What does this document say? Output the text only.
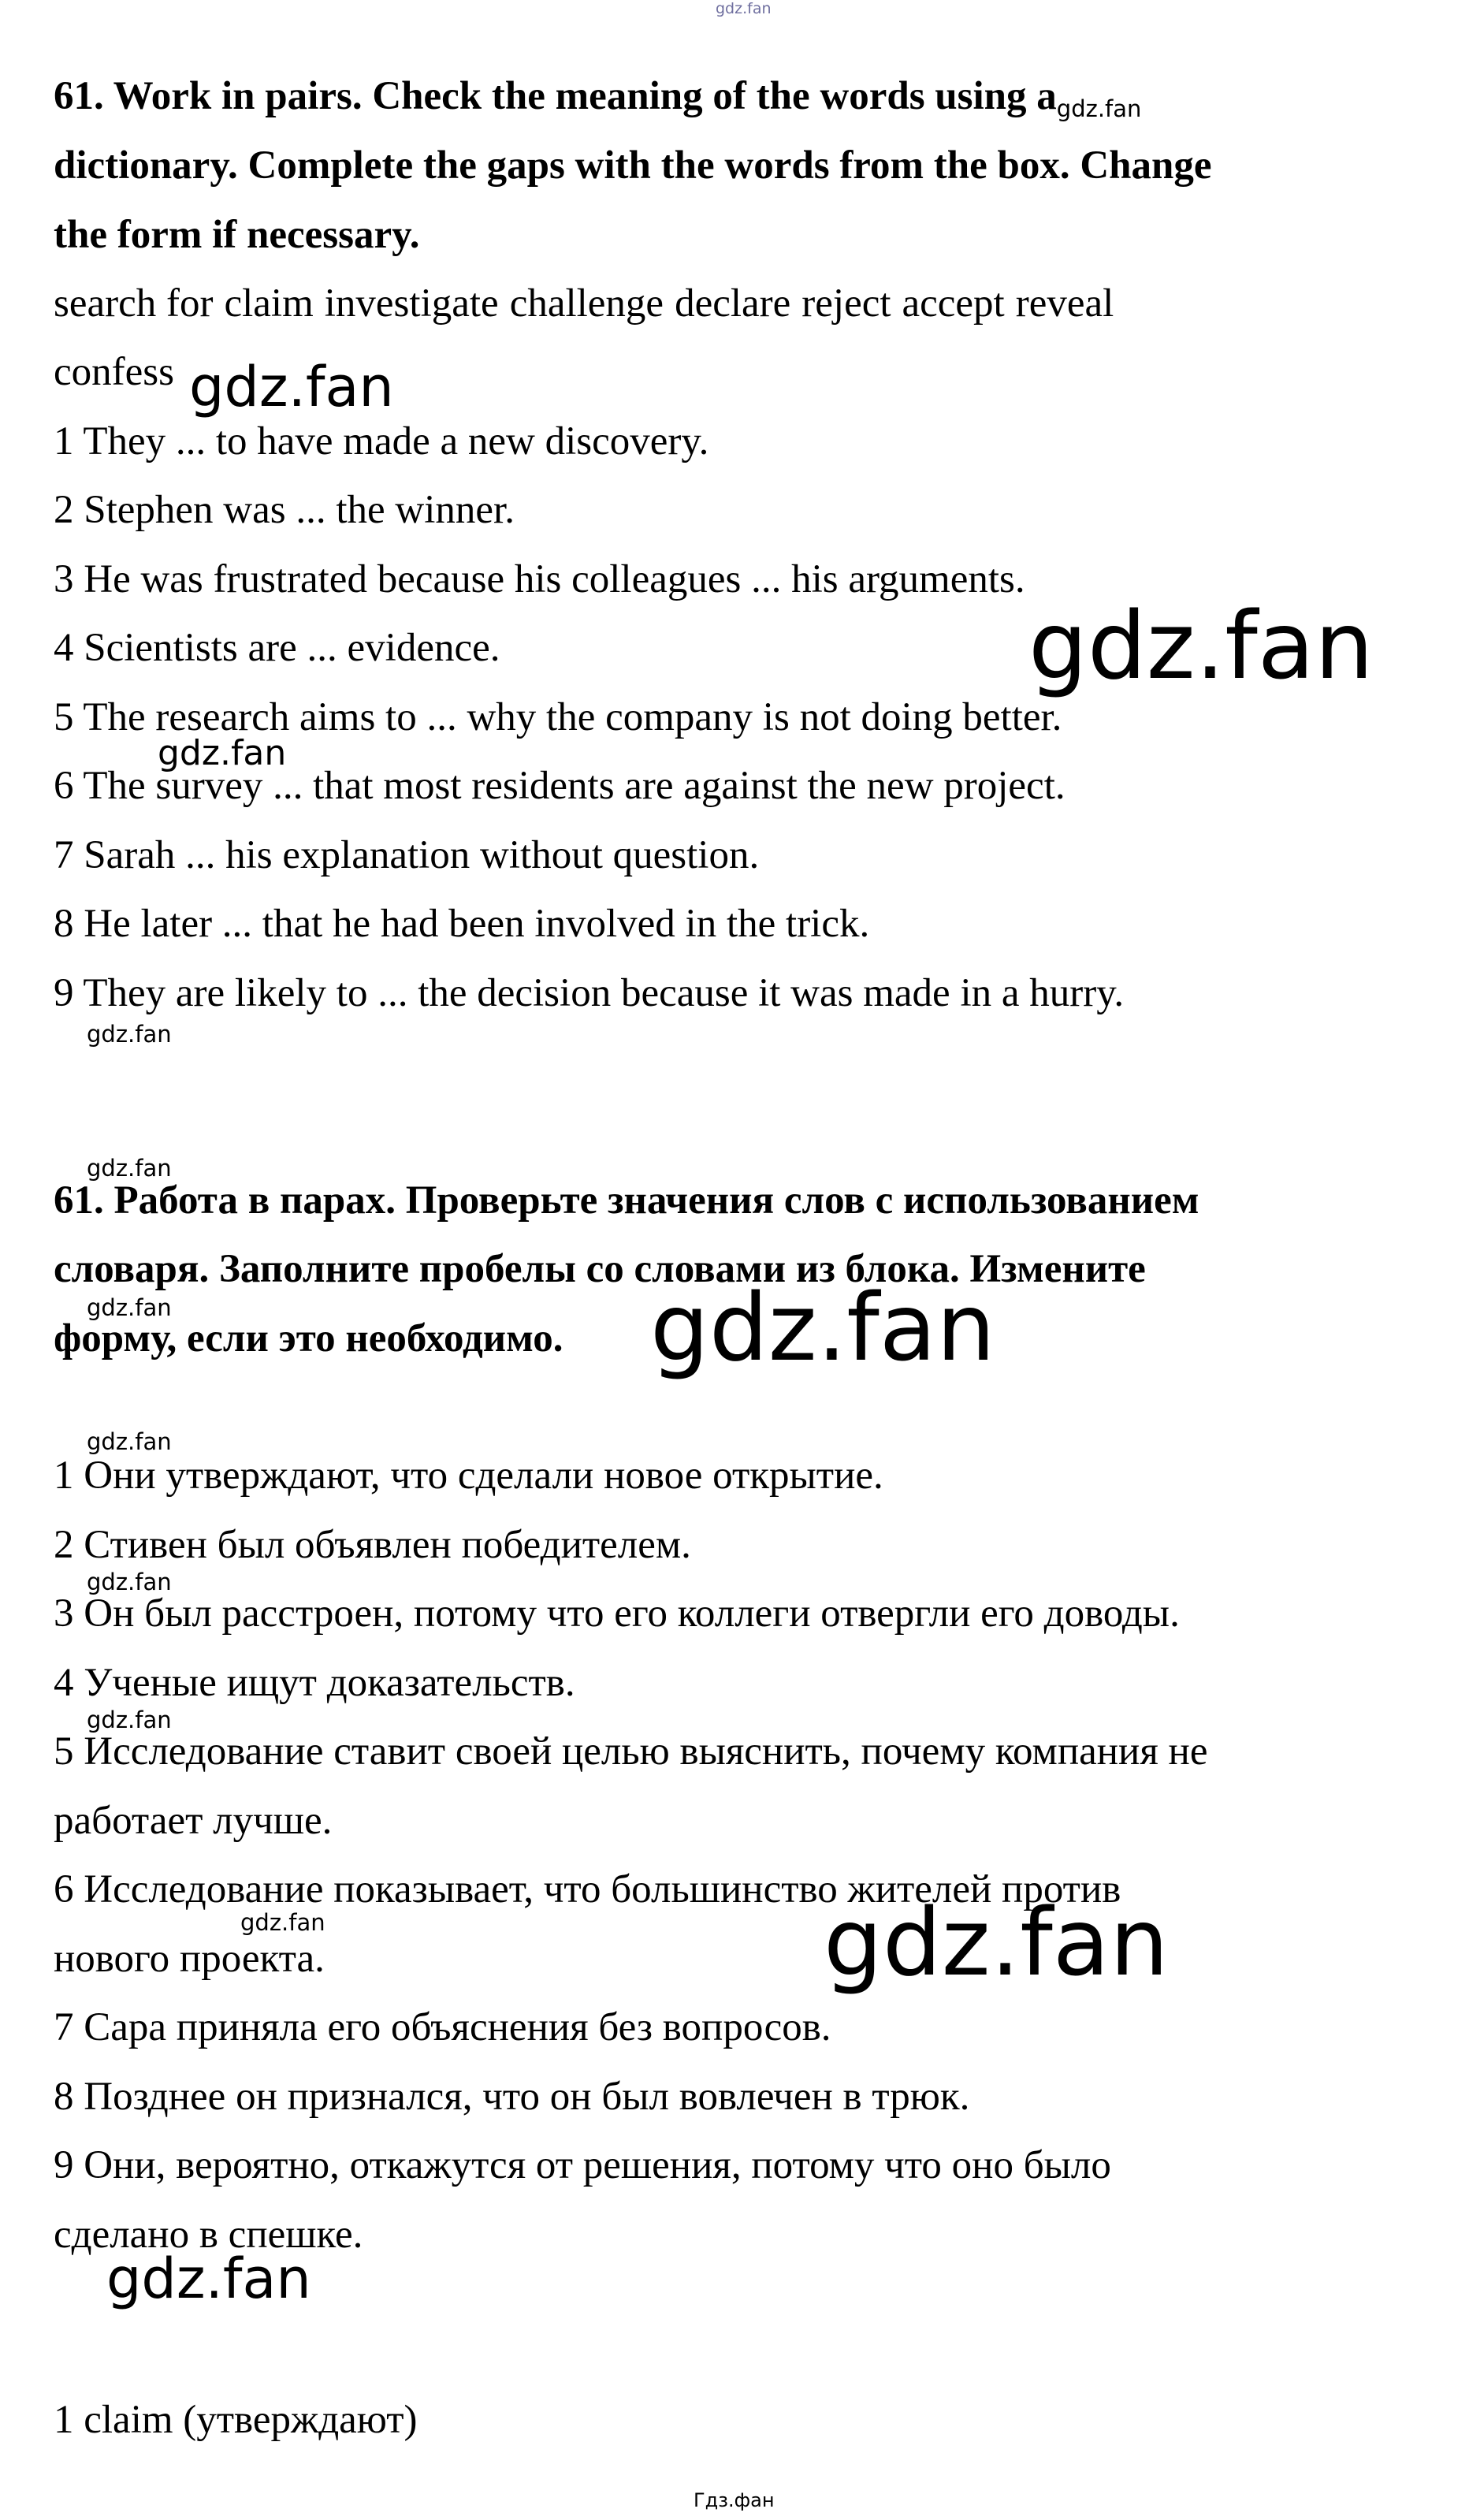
gdz.fan

61. Work in pairs. Check the meaning of the words using agdz.fan

dictionary. Complete the gaps with the words from the box. Change

the form if necessary.

search for claim investigate challenge declare reject accept reveal

confess gdz.fan

1 They ... to have made a new discovery.

2 Stephen was ... the winner.

3 He was frustrated because his colleagues ... his arguments.

4 Scientists are ... evidence.	gdz.fan

5 The research aims to ... why the company is not doing better.

gdz.fan

6 The survey ... that most residents are against the new project.

7 Sarah ... his explanation without question.

8 He later ... that he had been involved in the trick.

9 They are likely to ... the decision because it was made in a hurry.

gdz.fan
gdz.fan

61. Работа в парах. Проверьте значения слов с использованием

словаря. Заполните пробелы со словами из блока. Измените

gdz.fan

форму, если это необходимо. gdz.fan
gdz.fan

1 Они утверждают, что сделали новое открытие.

2 Стивен был объявлен победителем.

gdz.fan

3 Он был расстроен, потому что его коллеги отвергли его доводы.

4 Ученые ищут доказательств.

gdz.fan

5 Исследование ставит своей целью выяснить, почему компания не

работает лучше.

6 Исследование показывает, что большинство жителей против

gdz.fan

нового проекта.	gdz.fan

7 Сара приняла его объяснения без вопросов.

8 Позднее он признался, что он был вовлечен в трюк.

9 Они, вероятно, откажутся от решения, потому что оно было

сделано в спешке.

gdz.fan

1 claim (утверждают)

Гдз.фан
